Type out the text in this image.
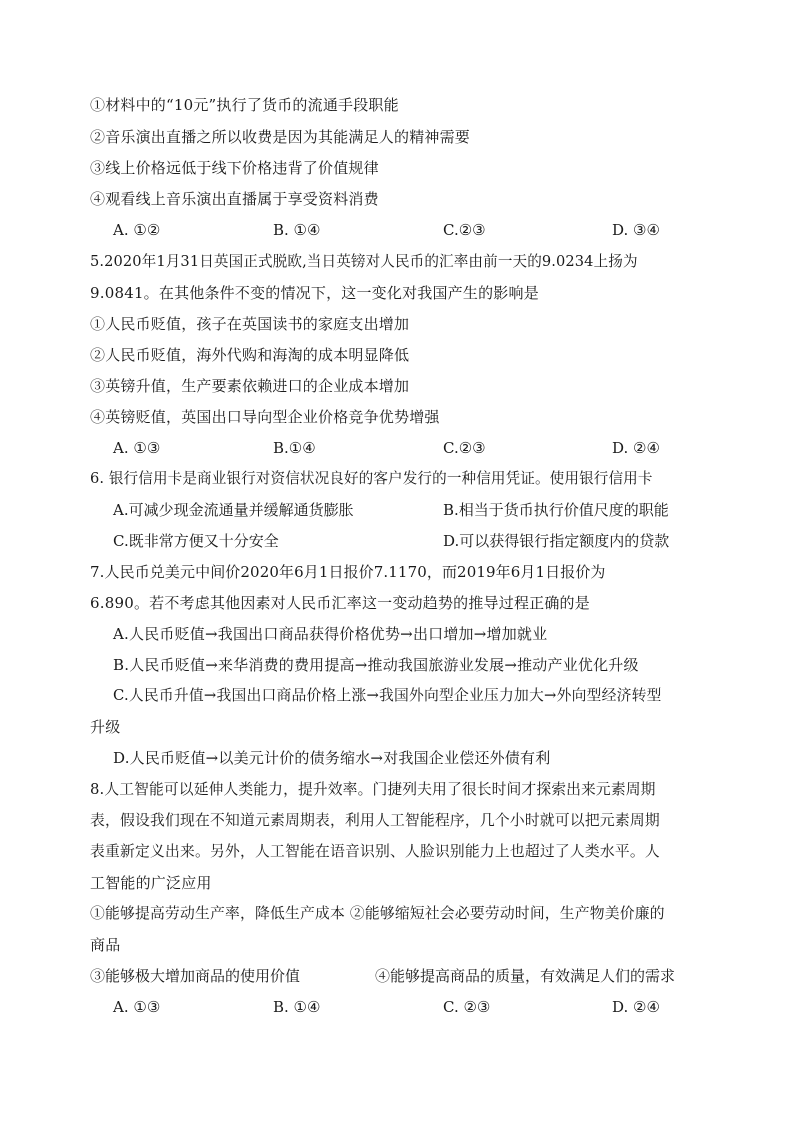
①材料中的“10元”执行了货币的流通手段职能
②音乐演出直播之所以收费是因为其能满足人的精神需要
③线上价格远低于线下价格违背了价值规律
④观看线上音乐演出直播属于享受资料消费
A. ①②	B. ①④	C.②③	D. ③④
5.2020年1月31日英国正式脱欧,当日英镑对人民币的汇率由前一天的9.0234上扬为
9.0841。在其他条件不变的情况下，这一变化对我国产生的影响是
①人民币贬值，孩子在英国读书的家庭支出增加
②人民币贬值，海外代购和海淘的成本明显降低
③英镑升值，生产要素依赖进口的企业成本增加
④英镑贬值，英国出口导向型企业价格竞争优势增强
A. ①③	B.①④	C.②③	D. ②④
6. 银行信用卡是商业银行对资信状况良好的客户发行的一种信用凭证。使用银行信用卡
A.可减少现金流通量并缓解通货膨胀	B.相当于货币执行价值尺度的职能
C.既非常方便又十分安全	D.可以获得银行指定额度内的贷款
7.人民币兑美元中间价2020年6月1日报价7.1170，而2019年6月1日报价为
6.890。若不考虑其他因素对人民币汇率这一变动趋势的推导过程正确的是
A.人民币贬值→我国出口商品获得价格优势→出口增加→增加就业
B.人民币贬值→来华消费的费用提高→推动我国旅游业发展→推动产业优化升级
C.人民币升值→我国出口商品价格上涨→我国外向型企业压力加大→外向型经济转型
升级
D.人民币贬值→以美元计价的债务缩水→对我国企业偿还外债有利
8.人工智能可以延伸人类能力，提升效率。门捷列夫用了很长时间才探索出来元素周期
表，假设我们现在不知道元素周期表，利用人工智能程序，几个小时就可以把元素周期
表重新定义出来。另外，人工智能在语音识别、人脸识别能力上也超过了人类水平。人
工智能的广泛应用
①能够提高劳动生产率，降低生产成本 ②能够缩短社会必要劳动时间，生产物美价廉的
商品
③能够极大增加商品的使用价值	④能够提高商品的质量，有效满足人们的需求
A. ①③	B. ①④	C. ②③	D. ②④
